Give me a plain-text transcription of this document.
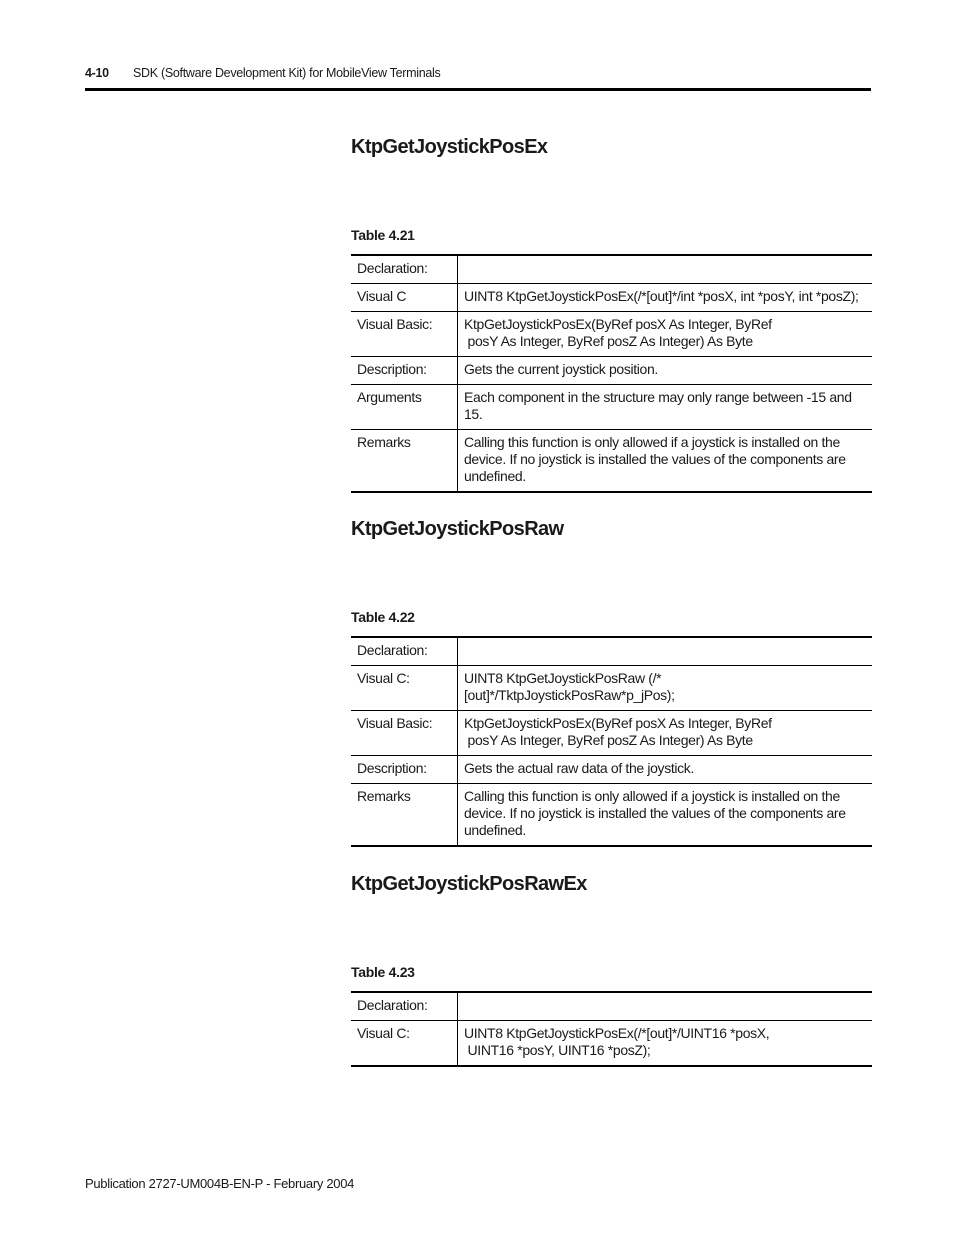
4-10 SDK (Software Development Kit) for MobileView Terminals
KtpGetJoystickPosEx
Table 4.21
Declaration:	
Visual C	UINT8 KtpGetJoystickPosEx(/*[out]*/int *posX, int *posY, int *posZ);
Visual Basic:	KtpGetJoystickPosEx(ByRef posX As Integer, ByRef
posY As Integer, ByRef posZ As Integer) As Byte
Description:	Gets the current joystick position.
Arguments	Each component in the structure may only range between -15 and 15.
Remarks	Calling this function is only allowed if a joystick is installed on the device. If no joystick is installed the values of the components are undefined.
KtpGetJoystickPosRaw
Table 4.22
Declaration:	
Visual C:	UINT8 KtpGetJoystickPosRaw (/*[out]*/TktpJoystickPosRaw*p_jPos);
Visual Basic:	KtpGetJoystickPosEx(ByRef posX As Integer, ByRef
posY As Integer, ByRef posZ As Integer) As Byte
Description:	Gets the actual raw data of the joystick.
Remarks	Calling this function is only allowed if a joystick is installed on the device. If no joystick is installed the values of the components are undefined.
KtpGetJoystickPosRawEx
Table 4.23
Declaration:	
Visual C:	UINT8 KtpGetJoystickPosEx(/*[out]*/UINT16 *posX,
UINT16 *posY, UINT16 *posZ);
Publication 2727-UM004B-EN-P - February 2004
